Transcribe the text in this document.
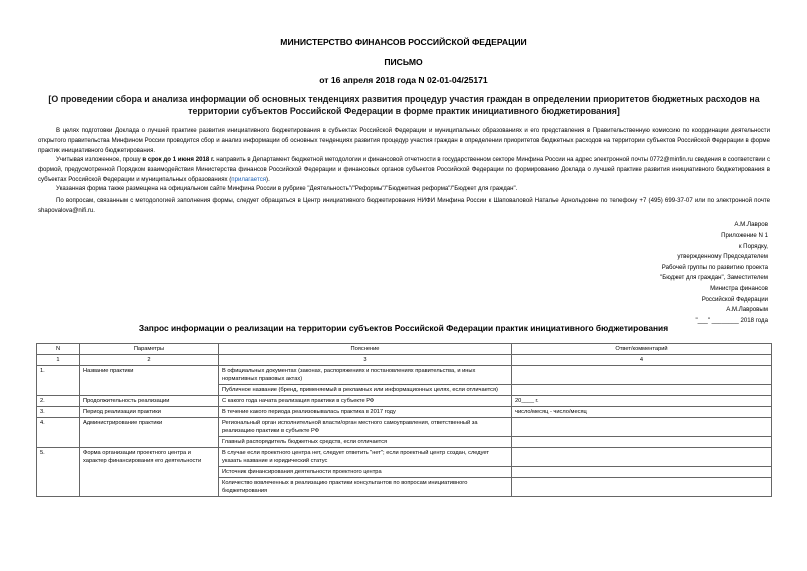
МИНИСТЕРСТВО ФИНАНСОВ РОССИЙСКОЙ ФЕДЕРАЦИИ
ПИСЬМО
от 16 апреля 2018 года N 02-01-04/25171
[О проведении сбора и анализа информации об основных тенденциях развития процедур участия граждан в определении приоритетов бюджетных расходов на территории субъектов Российской Федерации в форме практик инициативного бюджетирования]
В целях подготовки Доклада о лучшей практике развития инициативного бюджетирования в субъектах Российской Федерации и муниципальных образованиях и его представления в Правительственную комиссию по координации деятельности открытого правительства Минфином России проводится сбор и анализ информации об основных тенденциях развития процедур участия граждан в определении приоритетов бюджетных расходов на территории субъектов Российской Федерации в форме практик инициативного бюджетирования.
Учитывая изложенное, прошу в срок до 1 июня 2018 г. направить в Департамент бюджетной методологии и финансовой отчетности в государственном секторе Минфина России на адрес электронной почты 0772@minfin.ru сведения в соответствии с формой, предусмотренной Порядком взаимодействия Министерства финансов Российской Федерации и финансовых органов субъектов Российской Федерации по формированию Доклада о лучшей практике развития инициативного бюджетирования в субъектах Российской Федерации и муниципальных образованиях (прилагается).
Указанная форма также размещена на официальном сайте Минфина России в рубрике "Деятельность"/"Реформы"/"Бюджетная реформа"/"Бюджет для граждан".
По вопросам, связанным с методологией заполнения формы, следует обращаться в Центр инициативного бюджетирования НИФИ Минфина России к Шаповаловой Наталье Арнольдовне по телефону +7 (495) 699-37-07 или по электронной почте shapovalova@nifi.ru.
А.М.Лавров
Приложение N 1
к Порядку,
утвержденному Председателем
Рабочей группы по развитию проекта
"Бюджет для граждан", Заместителем
Министра финансов
Российской Федерации
А.М.Лавровым
"___" ________ 2018 года
Запрос информации о реализации на территории субъектов Российской Федерации практик инициативного бюджетирования
N	Параметры	Пояснение	Ответ/комментарий
1	2	3	4
1.	Название практики	В официальных документах (законах, распоряжениях и постановлениях правительства, и иных нормативных правовых актах)	
		Публичное название (бренд, применяемый в рекламных или информационных целях, если отличается)	
2.	Продолжительность реализации	С какого года начата реализация практики в субъекте РФ	20____ г.
3.	Период реализации практики	В течение какого периода реализовывалась практика в 2017 году	число/месяц - число/месяц
4.	Администрирование практики	Региональный орган исполнительной власти/орган местного самоуправления, ответственный за реализацию практики в субъекте РФ	
		Главный распорядитель бюджетных средств, если отличается	
5.	Форма организации проектного центра и характер финансирования его деятельности	В случае если проектного центра нет, следует ответить "нет"; если проектный центр создан, следует указать название и юридический статус	
		Источник финансирования деятельности проектного центра	
		Количество вовлеченных в реализацию практики консультантов по вопросам инициативного бюджетирования	
